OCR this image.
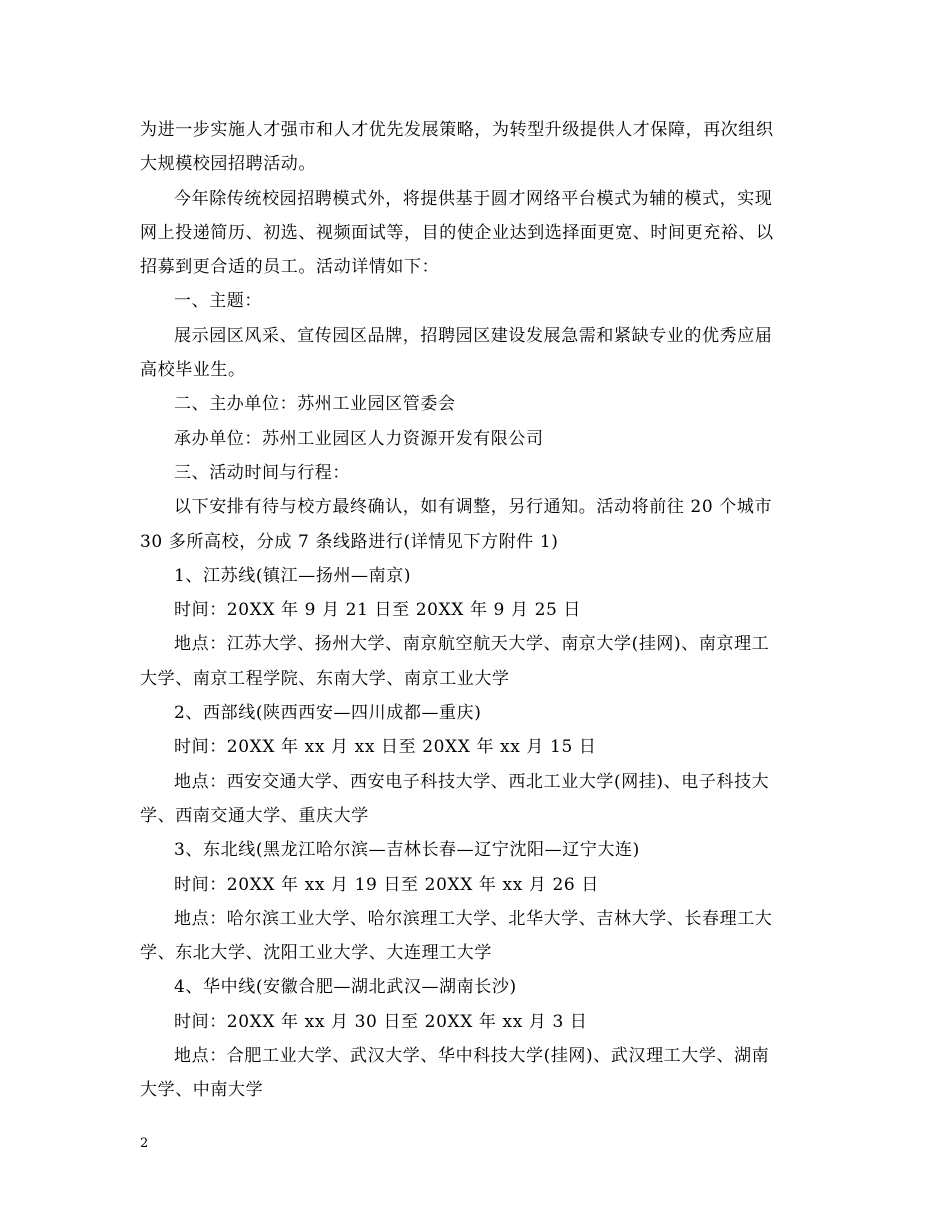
为进一步实施人才强市和人才优先发展策略，为转型升级提供人才保障，再次组织
大规模校园招聘活动。
今年除传统校园招聘模式外，将提供基于圆才网络平台模式为辅的模式，实现
网上投递简历、初选、视频面试等，目的使企业达到选择面更宽、时间更充裕、以
招募到更合适的员工。活动详情如下：
一、主题：
展示园区风采、宣传园区品牌，招聘园区建设发展急需和紧缺专业的优秀应届
高校毕业生。
二、主办单位：苏州工业园区管委会
承办单位：苏州工业园区人力资源开发有限公司
三、活动时间与行程：
以下安排有待与校方最终确认，如有调整，另行通知。活动将前往 20 个城市
30 多所高校，分成 7 条线路进行(详情见下方附件 1)
1、江苏线(镇江—扬州—南京)
时间：20XX 年 9 月 21 日至 20XX 年 9 月 25 日
地点：江苏大学、扬州大学、南京航空航天大学、南京大学(挂网)、南京理工
大学、南京工程学院、东南大学、南京工业大学
2、西部线(陕西西安—四川成都—重庆)
时间：20XX 年 xx 月 xx 日至 20XX 年 xx 月 15 日
地点：西安交通大学、西安电子科技大学、西北工业大学(网挂)、电子科技大
学、西南交通大学、重庆大学
3、东北线(黑龙江哈尔滨—吉林长春—辽宁沈阳—辽宁大连)
时间：20XX 年 xx 月 19 日至 20XX 年 xx 月 26 日
地点：哈尔滨工业大学、哈尔滨理工大学、北华大学、吉林大学、长春理工大
学、东北大学、沈阳工业大学、大连理工大学
4、华中线(安徽合肥—湖北武汉—湖南长沙)
时间：20XX 年 xx 月 30 日至 20XX 年 xx 月 3 日
地点：合肥工业大学、武汉大学、华中科技大学(挂网)、武汉理工大学、湖南
大学、中南大学
2
